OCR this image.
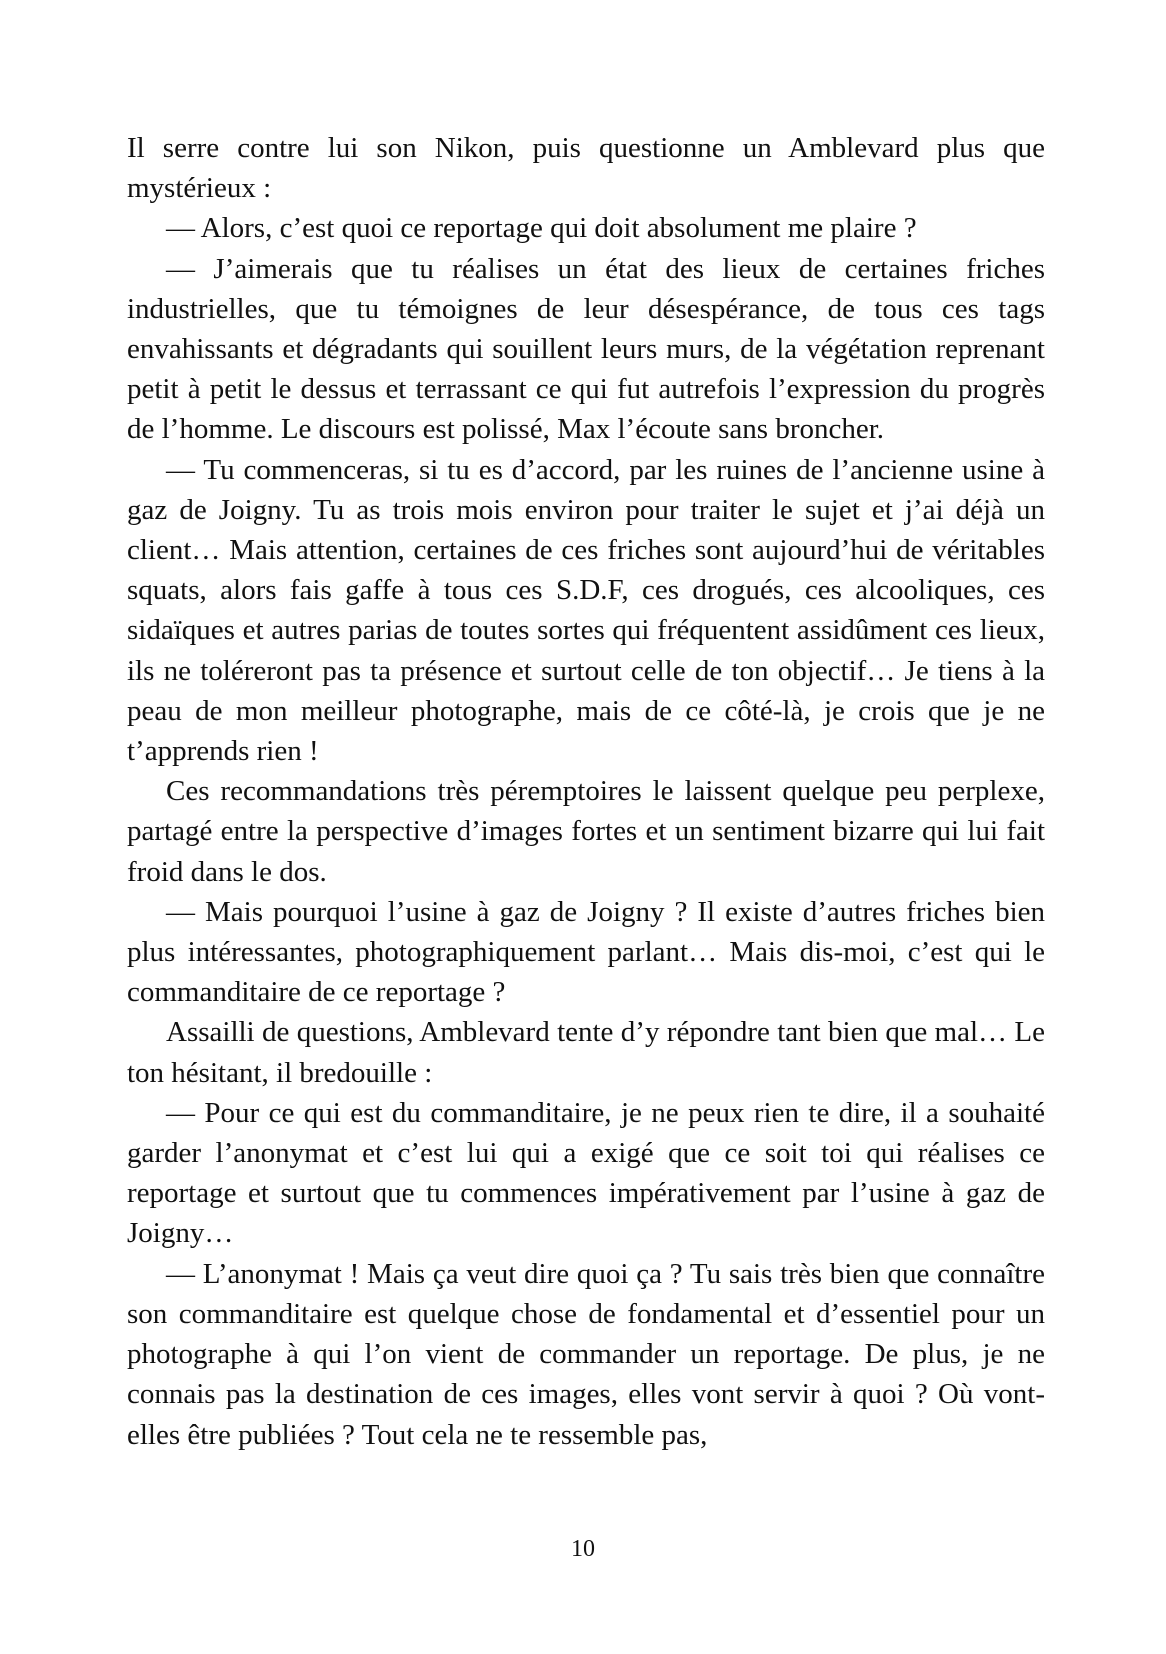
Il serre contre lui son Nikon, puis questionne un Amblevard plus que mystérieux :

— Alors, c’est quoi ce reportage qui doit absolument me plaire ?

— J’aimerais que tu réalises un état des lieux de certaines friches industrielles, que tu témoignes de leur désespérance, de tous ces tags envahissants et dégradants qui souillent leurs murs, de la végétation reprenant petit à petit le dessus et terrassant ce qui fut autrefois l’expression du progrès de l’homme. Le discours est polissé, Max l’écoute sans broncher.

— Tu commenceras, si tu es d’accord, par les ruines de l’ancienne usine à gaz de Joigny. Tu as trois mois environ pour traiter le sujet et j’ai déjà un client… Mais attention, certaines de ces friches sont aujourd’hui de véritables squats, alors fais gaffe à tous ces S.D.F, ces drogués, ces alcooliques, ces sidaïques et autres parias de toutes sortes qui fréquentent assidûment ces lieux, ils ne toléreront pas ta présence et surtout celle de ton objectif… Je tiens à la peau de mon meilleur photographe, mais de ce côté-là, je crois que je ne t’apprends rien !

Ces recommandations très péremptoires le laissent quelque peu perplexe, partagé entre la perspective d’images fortes et un sentiment bizarre qui lui fait froid dans le dos.

— Mais pourquoi l’usine à gaz de Joigny ? Il existe d’autres friches bien plus intéressantes, photographiquement parlant… Mais dis-moi, c’est qui le commanditaire de ce reportage ?

Assailli de questions, Amblevard tente d’y répondre tant bien que mal… Le ton hésitant, il bredouille :

— Pour ce qui est du commanditaire, je ne peux rien te dire, il a souhaité garder l’anonymat et c’est lui qui a exigé que ce soit toi qui réalises ce reportage et surtout que tu commences impérativement par l’usine à gaz de Joigny…

— L’anonymat ! Mais ça veut dire quoi ça ? Tu sais très bien que connaître son commanditaire est quelque chose de fondamental et d’essentiel pour un photographe à qui l’on vient de commander un reportage. De plus, je ne connais pas la destination de ces images, elles vont servir à quoi ? Où vont-elles être publiées ? Tout cela ne te ressemble pas,

10
